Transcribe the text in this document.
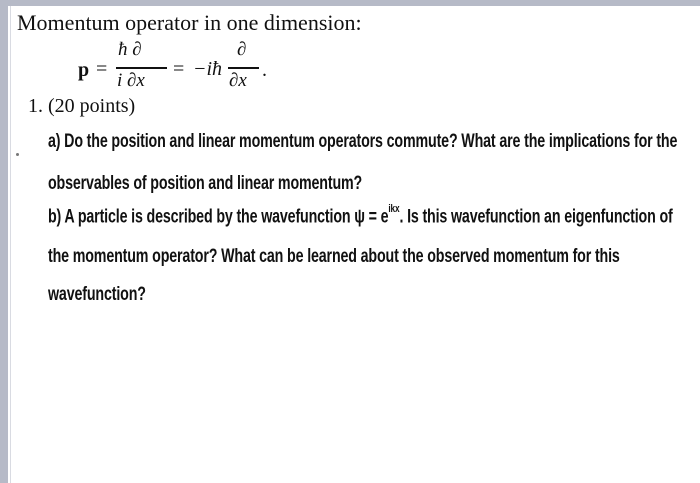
Momentum operator in one dimension:
p =
ħ ∂
i ∂x
= −iħ
∂
∂x .
1. (20 points)
a) Do the position and linear momentum operators commute? What are the implications for the
observables of position and linear momentum?
b) A particle is described by the wavefunction $\psi = e^{ikx}$. Is this wavefunction an eigenfunction of
the momentum operator? What can be learned about the observed momentum for this
wavefunction?
